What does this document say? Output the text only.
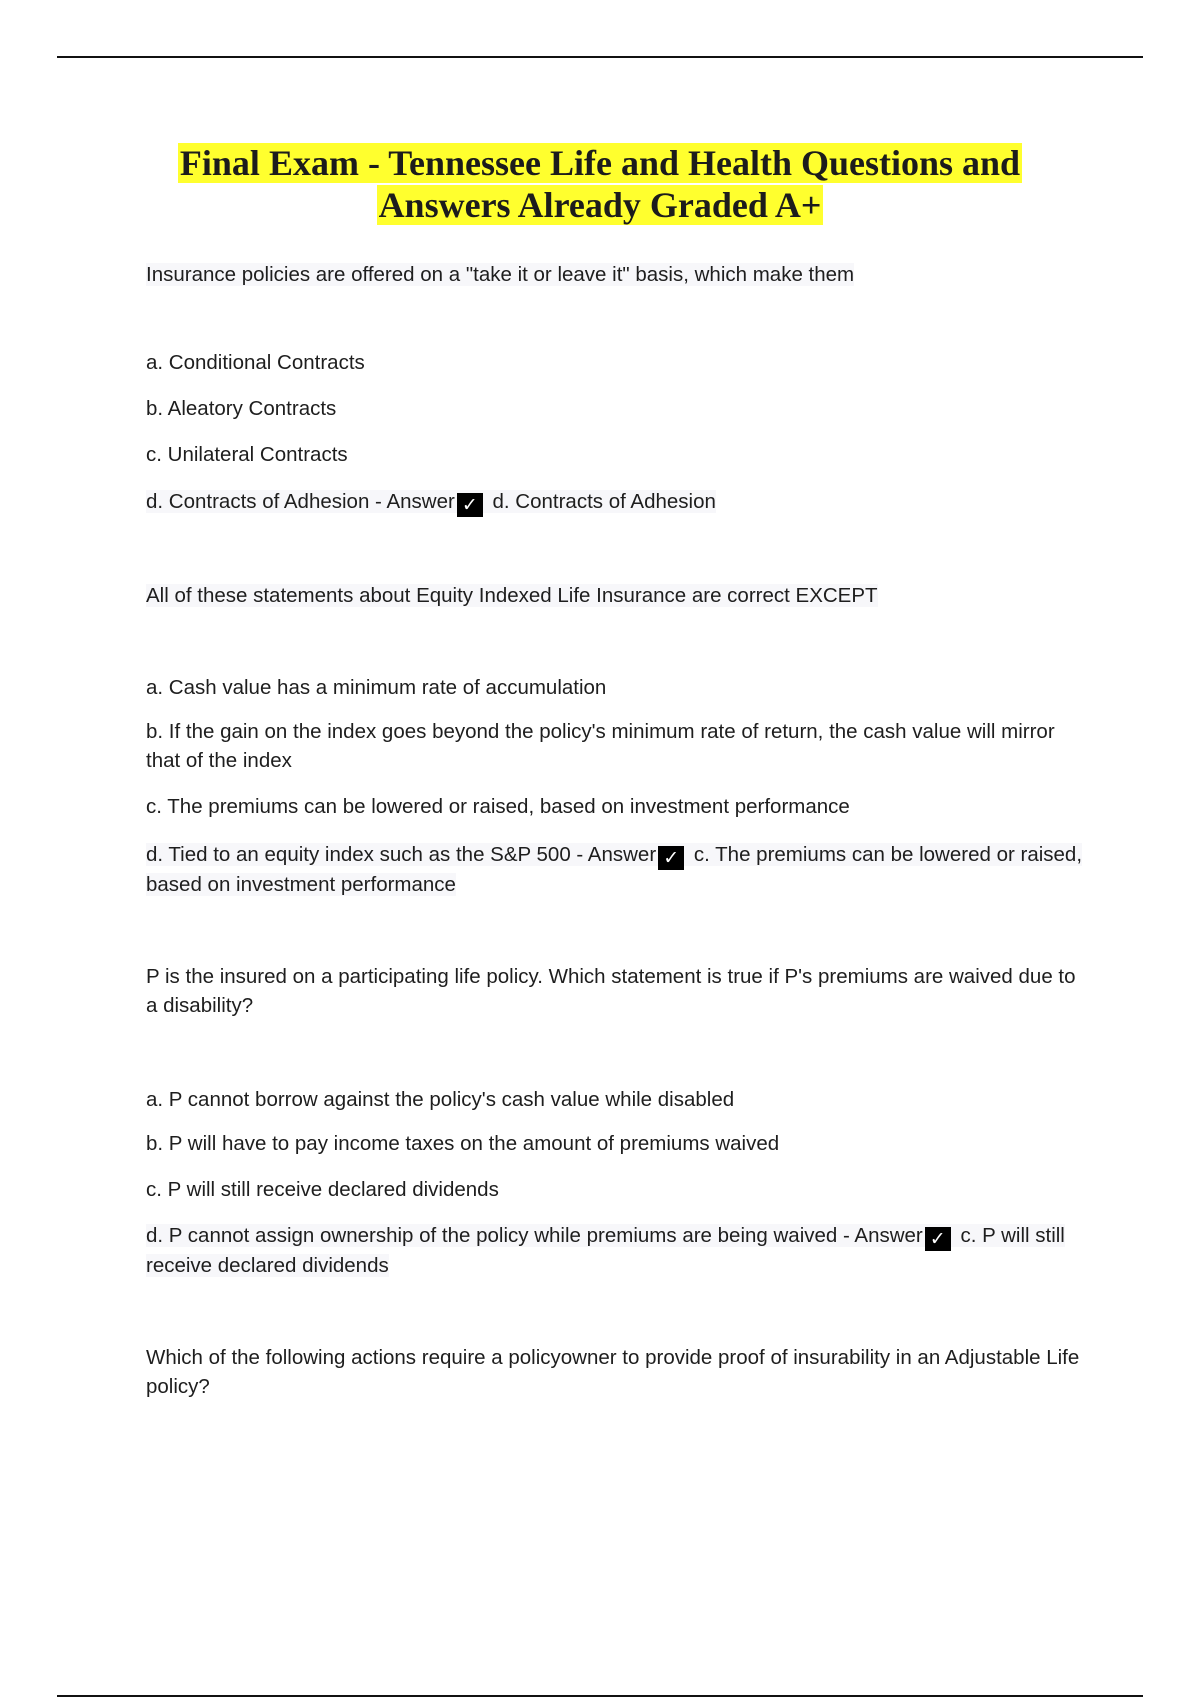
Final Exam - Tennessee Life and Health Questions and
Answers Already Graded A+
Insurance policies are offered on a "take it or leave it" basis, which make them
a. Conditional Contracts
b. Aleatory Contracts
c. Unilateral Contracts
d. Contracts of Adhesion - Answer ✓ d. Contracts of Adhesion
All of these statements about Equity Indexed Life Insurance are correct EXCEPT
a. Cash value has a minimum rate of accumulation
b. If the gain on the index goes beyond the policy's minimum rate of return, the cash value will mirror that of the index
c. The premiums can be lowered or raised, based on investment performance
d. Tied to an equity index such as the S&P 500 - Answer ✓ c. The premiums can be lowered or raised, based on investment performance
P is the insured on a participating life policy. Which statement is true if P's premiums are waived due to a disability?
a. P cannot borrow against the policy's cash value while disabled
b. P will have to pay income taxes on the amount of premiums waived
c. P will still receive declared dividends
d. P cannot assign ownership of the policy while premiums are being waived - Answer ✓ c. P will still receive declared dividends
Which of the following actions require a policyowner to provide proof of insurability in an Adjustable Life policy?
